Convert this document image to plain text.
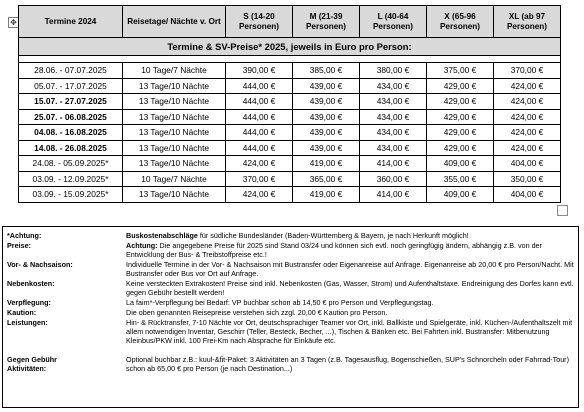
✥
Termine & SV-Preise* 2025, jeweils in Euro pro Person:						

Termine 2024	Reisetage/ Nächte v. Ort	S (14-20 Personen)	M (21-39 Personen)	L (40-64 Personen)	X (65-96 Personen)	XL (ab 97 Personen)
28.06. - 07.07.2025	10 Tage/7 Nächte	390,00 €	385,00 €	380,00 €	375,00 €	370,00 €
05.07. - 17.07.2025	13 Tage/10 Nächte	444,00 €	439,00 €	434,00 €	429,00 €	424,00 €
15.07. - 27.07.2025	13 Tage/10 Nächte	444,00 €	439,00 €	434,00 €	429,00 €	424,00 €
25.07. - 06.08.2025	13 Tage/10 Nächte	444,00 €	439,00 €	434,00 €	429,00 €	424,00 €
04.08. - 16.08.2025	13 Tage/10 Nächte	444,00 €	439,00 €	434,00 €	429,00 €	424,00 €
14.08. - 26.08.2025	13 Tage/10 Nächte	444,00 €	439,00 €	434,00 €	429,00 €	424,00 €
24.08. - 05.09.2025*	13 Tage/10 Nächte	424,00 €	419,00 €	414,00 €	409,00 €	404,00 €
03.09. - 12.09.2025*	10 Tage/7 Nächte	370,00 €	365,00 €	360,00 €	355,00 €	350,00 €
03.09. - 15.09.2025*	13 Tage/10 Nächte	424,00 €	419,00 €	414,00 €	409,00 €	404,00 €
*Achtung:	Buskostenabschläge für südliche Bundesländer (Baden-Württemberg & Bayern, je nach Herkunft möglich!
Preise:	Achtung: Die angegebene Preise für 2025 sind Stand 03/24 und können sich evtl. noch geringfügig ändern, abhängig z.B. von der Entwicklung der Bus- & Treibstoffpreise etc.!
Vor- & Nachsaison:	Individuelle Termine in der Vor- & Nachsaison mit Bustransfer oder Eigenanreise auf Anfrage. Eigenanreise ab 20,00 € pro Person/Nacht. Mit Bustransfer oder Bus vor Ort auf Anfrage.
Nebenkosten:	Keine versteckten Extrakosten! Preise sind inkl. Nebenkosten (Gas, Wasser, Strom) und Aufenthaltstaxe. Endreinigung des Dorfes kann evtl. gegen Gebühr bestellt werden!
Verpflegung:	La faim*-Verpflegung bei Bedarf: VP buchbar schon ab 14,50 € pro Person und Verpflegungstag.
Kaution:	Die oben genannten Reisepreise verstehen sich zzgl. 20,00 € Kaution pro Person.
Leistungen:	Hin- & Rücktransfer, 7-10 Nächte vor Ort, deutschsprachiger Teamer vor Ort, inkl. Ballkiste und Spielgeräte, inkl. Küchen-/Aufenthaltszelt mit allem notwendigen Inventar, Geschirr (Teller, Besteck, Becher, ...), Tischen & Bänken etc. Bei Fahrten inkl. Bustransfer: Mitbenutzung Kleinbus/PKW inkl. 100 Frei-Km nach Absprache für Einkäufe etc.
Gegen Gebühr Aktivitäten:
Optional buchbar z.B.: kuul-&fit-Paket: 3 Aktivitäten an 3 Tagen (z.B. Tagesausflug, Bogenschießen, SUP's Schnorcheln oder Fahrrad-Tour) schon ab 65,00 € pro Person (je nach Destination...)
